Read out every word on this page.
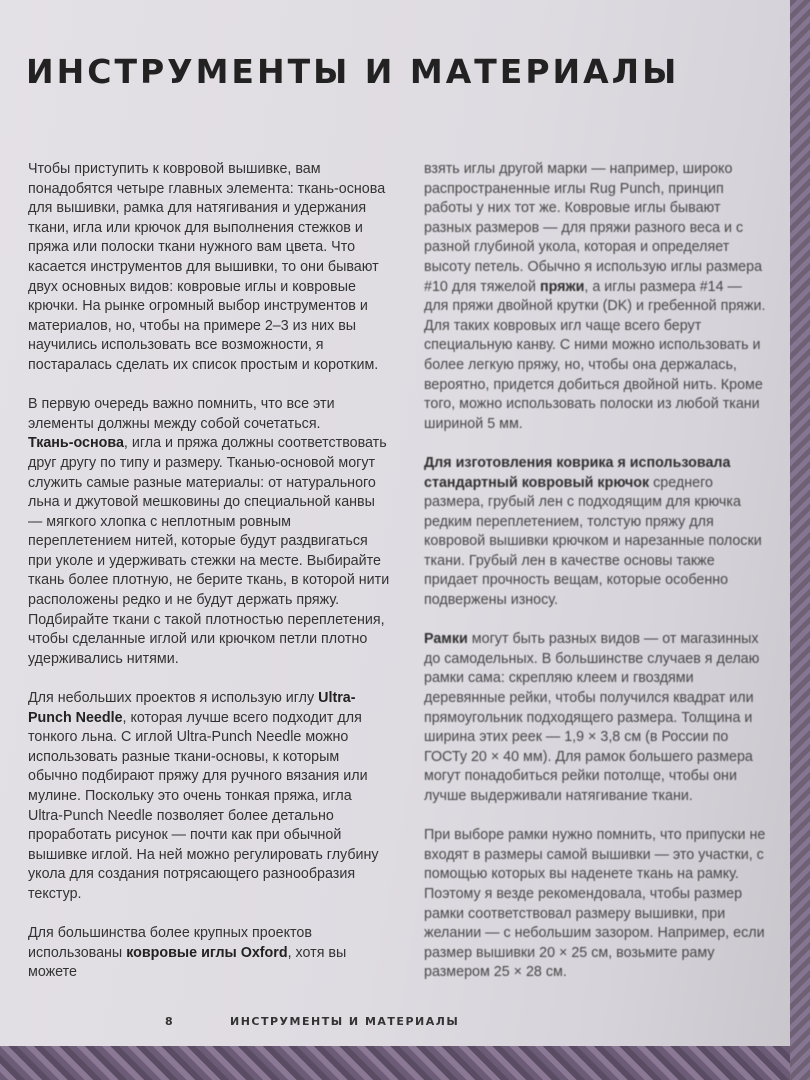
ИНСТРУМЕНТЫ И МАТЕРИАЛЫ

Чтобы приступить к ковровой вышивке, вам понадобятся четыре главных элемента: ткань-основа для вышивки, рамка для натягивания и удержания ткани, игла или крючок для выполнения стежков и пряжа или полоски ткани нужного вам цвета. Что касается инструментов для вышивки, то они бывают двух основных видов: ковровые иглы и ковровые крючки. На рынке огромный выбор инструментов и материалов, но, чтобы на примере 2–3 из них вы научились использовать все возможности, я постаралась сделать их список простым и коротким.

В первую очередь важно помнить, что все эти элементы должны между собой сочетаться.
Ткань-основа, игла и пряжа должны соответствовать друг другу по типу и размеру. Тканью-основой могут служить самые разные материалы: от натурального льна и джутовой мешковины до специальной канвы — мягкого хлопка с неплотным ровным переплетением нитей, которые будут раздвигаться при уколе и удерживать стежки на месте. Выбирайте ткань более плотную, не берите ткань, в которой нити расположены редко и не будут держать пряжу. Подбирайте ткани с такой плотностью переплетения, чтобы сделанные иглой или крючком петли плотно удерживались нитями.

Для небольших проектов я использую иглу Ultra-Punch Needle, которая лучше всего подходит для тонкого льна. С иглой Ultra-Punch Needle можно использовать разные ткани-основы, к которым обычно подбирают пряжу для ручного вязания или мулине. Поскольку это очень тонкая пряжа, игла Ultra-Punch Needle позволяет более детально проработать рисунок — почти как при обычной вышивке иглой. На ней можно регулировать глубину укола для создания потрясающего разнообразия текстур.

Для большинства более крупных проектов использованы ковровые иглы Oxford, хотя вы можете

взять иглы другой марки — например, широко распространенные иглы Rug Punch, принцип работы у них тот же. Ковровые иглы бывают разных размеров — для пряжи разного веса и с разной глубиной укола, которая и определяет высоту петель. Обычно я использую иглы размера #10 для тяжелой пряжи, а иглы размера #14 — для пряжи двойной крутки (DK) и гребенной пряжи. Для таких ковровых игл чаще всего берут специальную канву. С ними можно использовать и более легкую пряжу, но, чтобы она держалась, вероятно, придется добиться двойной нить. Кроме того, можно использовать полоски из любой ткани шириной 5 мм.

Для изготовления коврика я использовала стандартный ковровый крючок среднего размера, грубый лен с подходящим для крючка редким переплетением, толстую пряжу для ковровой вышивки крючком и нарезанные полоски ткани. Грубый лен в качестве основы также придает прочность вещам, которые особенно подвержены износу.

Рамки могут быть разных видов — от магазинных до самодельных. В большинстве случаев я делаю рамки сама: скрепляю клеем и гвоздями деревянные рейки, чтобы получился квадрат или прямоугольник подходящего размера. Толщина и ширина этих реек — 1,9 × 3,8 см (в России по ГОСТу 20 × 40 мм). Для рамок большего размера могут понадобиться рейки потолще, чтобы они лучше выдерживали натягивание ткани.

При выборе рамки нужно помнить, что припуски не входят в размеры самой вышивки — это участки, с помощью которых вы наденете ткань на рамку. Поэтому я везде рекомендовала, чтобы размер рамки соответствовал размеру вышивки, при желании — с небольшим зазором. Например, если размер вышивки 20 × 25 см, возьмите раму размером 25 × 28 см.

8	ИНСТРУМЕНТЫ И МАТЕРИАЛЫ
